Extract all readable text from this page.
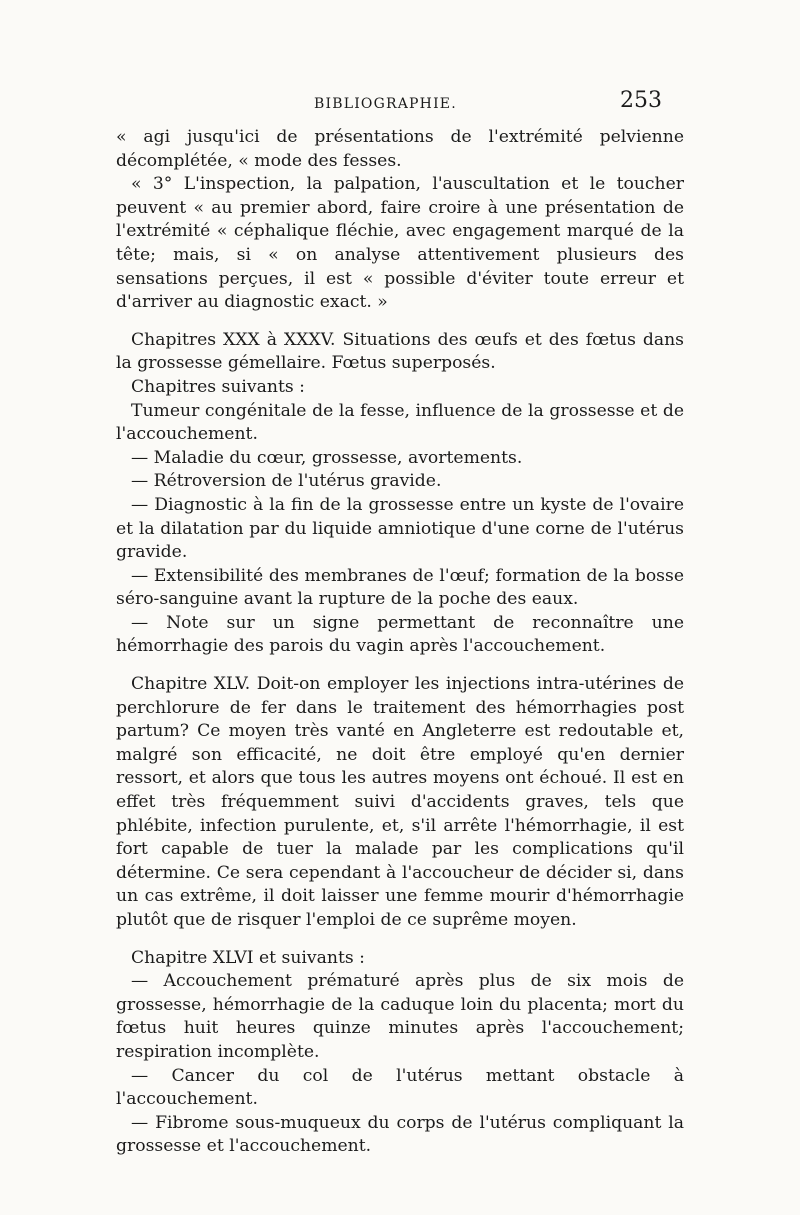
BIBLIOGRAPHIE.	253

« agi jusqu'ici de présentations de l'extrémité pelvienne décomplétée, « mode des fesses.

« 3° L'inspection, la palpation, l'auscultation et le toucher peuvent « au premier abord, faire croire à une présentation de l'extrémité « céphalique fléchie, avec engagement marqué de la tête; mais, si « on analyse attentivement plusieurs des sensations perçues, il est « possible d'éviter toute erreur et d'arriver au diagnostic exact. »

Chapitres XXX à XXXV. Situations des œufs et des fœtus dans la grossesse gémellaire. Fœtus superposés.

Chapitres suivants :

Tumeur congénitale de la fesse, influence de la grossesse et de l'accouchement.

— Maladie du cœur, grossesse, avortements.

— Rétroversion de l'utérus gravide.

— Diagnostic à la fin de la grossesse entre un kyste de l'ovaire et la dilatation par du liquide amniotique d'une corne de l'utérus gravide.

— Extensibilité des membranes de l'œuf; formation de la bosse séro-sanguine avant la rupture de la poche des eaux.

— Note sur un signe permettant de reconnaître une hémorrhagie des parois du vagin après l'accouchement.

Chapitre XLV. Doit-on employer les injections intra-utérines de perchlorure de fer dans le traitement des hémorrhagies post partum? Ce moyen très vanté en Angleterre est redoutable et, malgré son efficacité, ne doit être employé qu'en dernier ressort, et alors que tous les autres moyens ont échoué. Il est en effet très fréquemment suivi d'accidents graves, tels que phlébite, infection purulente, et, s'il arrête l'hémorrhagie, il est fort capable de tuer la malade par les complications qu'il détermine. Ce sera cependant à l'accoucheur de décider si, dans un cas extrême, il doit laisser une femme mourir d'hémorrhagie plutôt que de risquer l'emploi de ce suprême moyen.

Chapitre XLVI et suivants :

— Accouchement prématuré après plus de six mois de grossesse, hémorrhagie de la caduque loin du placenta; mort du fœtus huit heures quinze minutes après l'accouchement; respiration incomplète.

— Cancer du col de l'utérus mettant obstacle à l'accouchement.

— Fibrome sous-muqueux du corps de l'utérus compliquant la grossesse et l'accouchement.
